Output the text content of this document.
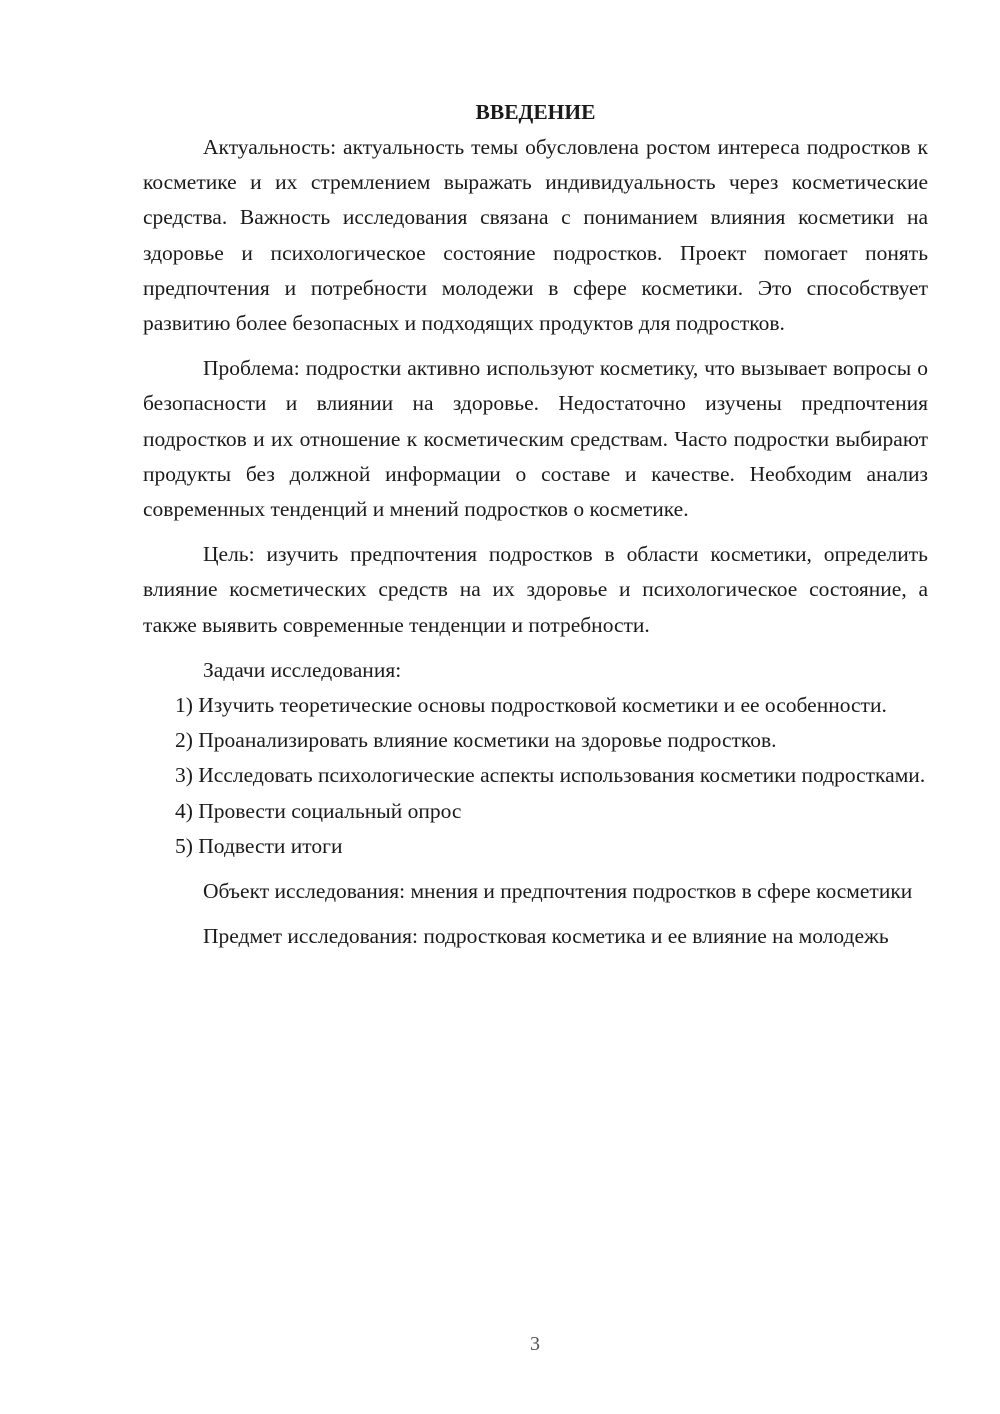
ВВЕДЕНИЕ

Актуальность: актуальность темы обусловлена ростом интереса подростков к косметике и их стремлением выражать индивидуальность через косметические средства. Важность исследования связана с пониманием влияния косметики на здоровье и психологическое состояние подростков. Проект помогает понять предпочтения и потребности молодежи в сфере косметики. Это способствует развитию более безопасных и подходящих продуктов для подростков.

Проблема: подростки активно используют косметику, что вызывает вопросы о безопасности и влиянии на здоровье. Недостаточно изучены предпочтения подростков и их отношение к косметическим средствам. Часто подростки выбирают продукты без должной информации о составе и качестве. Необходим анализ современных тенденций и мнений подростков о косметике.

Цель: изучить предпочтения подростков в области косметики, определить влияние косметических средств на их здоровье и психологическое состояние, а также выявить современные тенденции и потребности.

Задачи исследования:

1) Изучить теоретические основы подростковой косметики и ее особенности.

2) Проанализировать влияние косметики на здоровье подростков.

3) Исследовать психологические аспекты использования косметики подростками.

4) Провести социальный опрос

5) Подвести итоги

Объект исследования: мнения и предпочтения подростков в сфере косметики

Предмет исследования: подростковая косметика и ее влияние на молодежь

3
